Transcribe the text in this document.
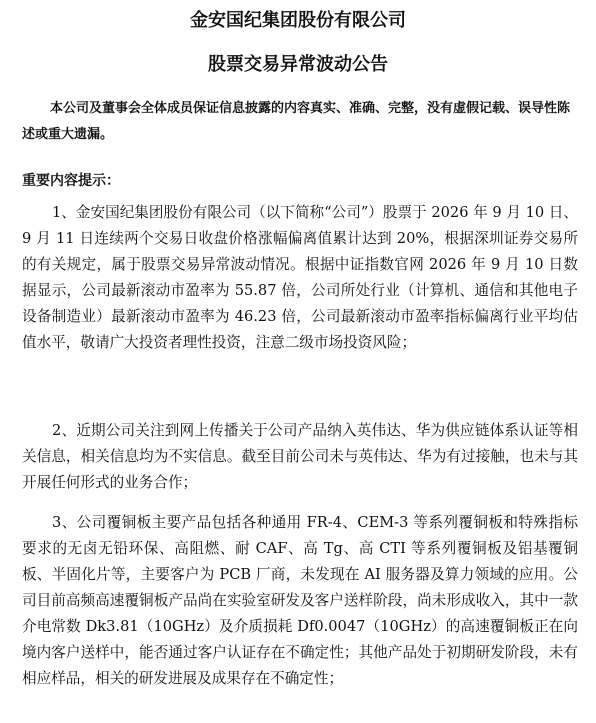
金安国纪集团股份有限公司
股票交易异常波动公告

本公司及董事会全体成员保证信息披露的内容真实、准确、完整，没有虚假记载、误导性陈述或重大遗漏。

重要内容提示：

1、金安国纪集团股份有限公司（以下简称“公司”）股票于 2026 年 9 月 10 日、9 月 11 日连续两个交易日收盘价格涨幅偏离值累计达到 20%，根据深圳证券交易所的有关规定，属于股票交易异常波动情况。根据中证指数官网 2026 年 9 月 10 日数据显示，公司最新滚动市盈率为 55.87 倍，公司所处行业（计算机、通信和其他电子设备制造业）最新滚动市盈率为 46.23 倍，公司最新滚动市盈率指标偏离行业平均估值水平，敬请广大投资者理性投资，注意二级市场投资风险；

2、近期公司关注到网上传播关于公司产品纳入英伟达、华为供应链体系认证等相关信息，相关信息均为不实信息。截至目前公司未与英伟达、华为有过接触，也未与其开展任何形式的业务合作；

3、公司覆铜板主要产品包括各种通用 FR-4、CEM-3 等系列覆铜板和特殊指标要求的无卤无铅环保、高阻燃、耐 CAF、高 Tg、高 CTI 等系列覆铜板及铝基覆铜板、半固化片等，主要客户为 PCB 厂商，未发现在 AI 服务器及算力领域的应用。公司目前高频高速覆铜板产品尚在实验室研发及客户送样阶段，尚未形成收入，其中一款介电常数 Dk3.81（10GHz）及介质损耗 Df0.0047（10GHz）的高速覆铜板正在向境内客户送样中，能否通过客户认证存在不确定性；其他产品处于初期研发阶段，未有相应样品，相关的研发进展及成果存在不确定性；
